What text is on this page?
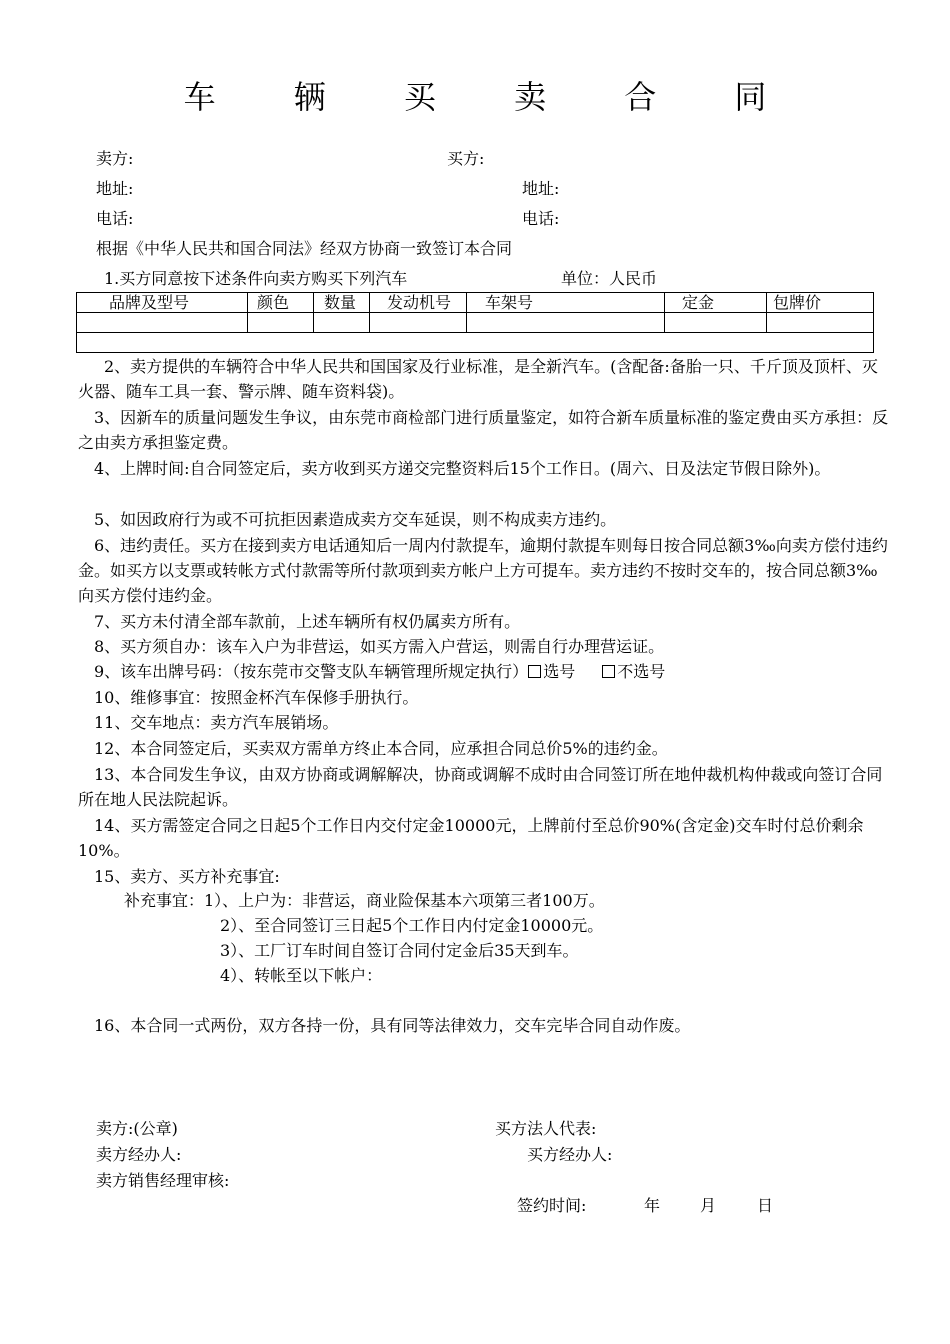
车 辆 买 卖 合 同
卖方:	买方:
地址:	地址:
电话:	电话:
根据《中华人民共和国合同法》经双方协商一致签订本合同
1.买方同意按下述条件向卖方购买下列汽车	单位：人民币
品牌及型号	颜色	数量	发动机号	车架号	定金	包牌价

2、卖方提供的车辆符合中华人民共和国国家及行业标准，是全新汽车。(含配备:备胎一只、千斤顶及顶杆、灭火器、随车工具一套、警示牌、随车资料袋)。
3、因新车的质量问题发生争议，由东莞市商检部门进行质量鉴定，如符合新车质量标准的鉴定费由买方承担：反之由卖方承担鉴定费。
4、上牌时间:自合同签定后，卖方收到买方递交完整资料后15个工作日。(周六、日及法定节假日除外)。
5、如因政府行为或不可抗拒因素造成卖方交车延误，则不构成卖方违约。
6、违约责任。买方在接到卖方电话通知后一周内付款提车，逾期付款提车则每日按合同总额3‰向卖方偿付违约金。如买方以支票或转帐方式付款需等所付款项到卖方帐户上方可提车。卖方违约不按时交车的，按合同总额3‰向买方偿付违约金。
7、买方未付清全部车款前，上述车辆所有权仍属卖方所有。
8、买方须自办：该车入户为非营运，如买方需入户营运，则需自行办理营运证。
9、该车出牌号码：（按东莞市交警支队车辆管理所规定执行） 选号	不选号
10、维修事宜：按照金杯汽车保修手册执行。
11、交车地点：卖方汽车展销场。
12、本合同签定后，买卖双方需单方终止本合同，应承担合同总价5%的违约金。
13、本合同发生争议，由双方协商或调解解决，协商或调解不成时由合同签订所在地仲裁机构仲裁或向签订合同所在地人民法院起诉。
14、买方需签定合同之日起5个工作日内交付定金10000元，上牌前付至总价90%(含定金)交车时付总价剩余10%。
15、卖方、买方补充事宜:
补充事宜：1）、上户为：非营运，商业险保基本六项第三者100万。
2）、至合同签订三日起5个工作日内付定金10000元。
3）、工厂订车时间自签订合同付定金后35天到车。
4）、转帐至以下帐户：
16、本合同一式两份，双方各持一份，具有同等法律效力，交车完毕合同自动作废。
卖方:(公章)	买方法人代表:
卖方经办人:	买方经办人:
卖方销售经理审核:
签约时间:	年 月	日
